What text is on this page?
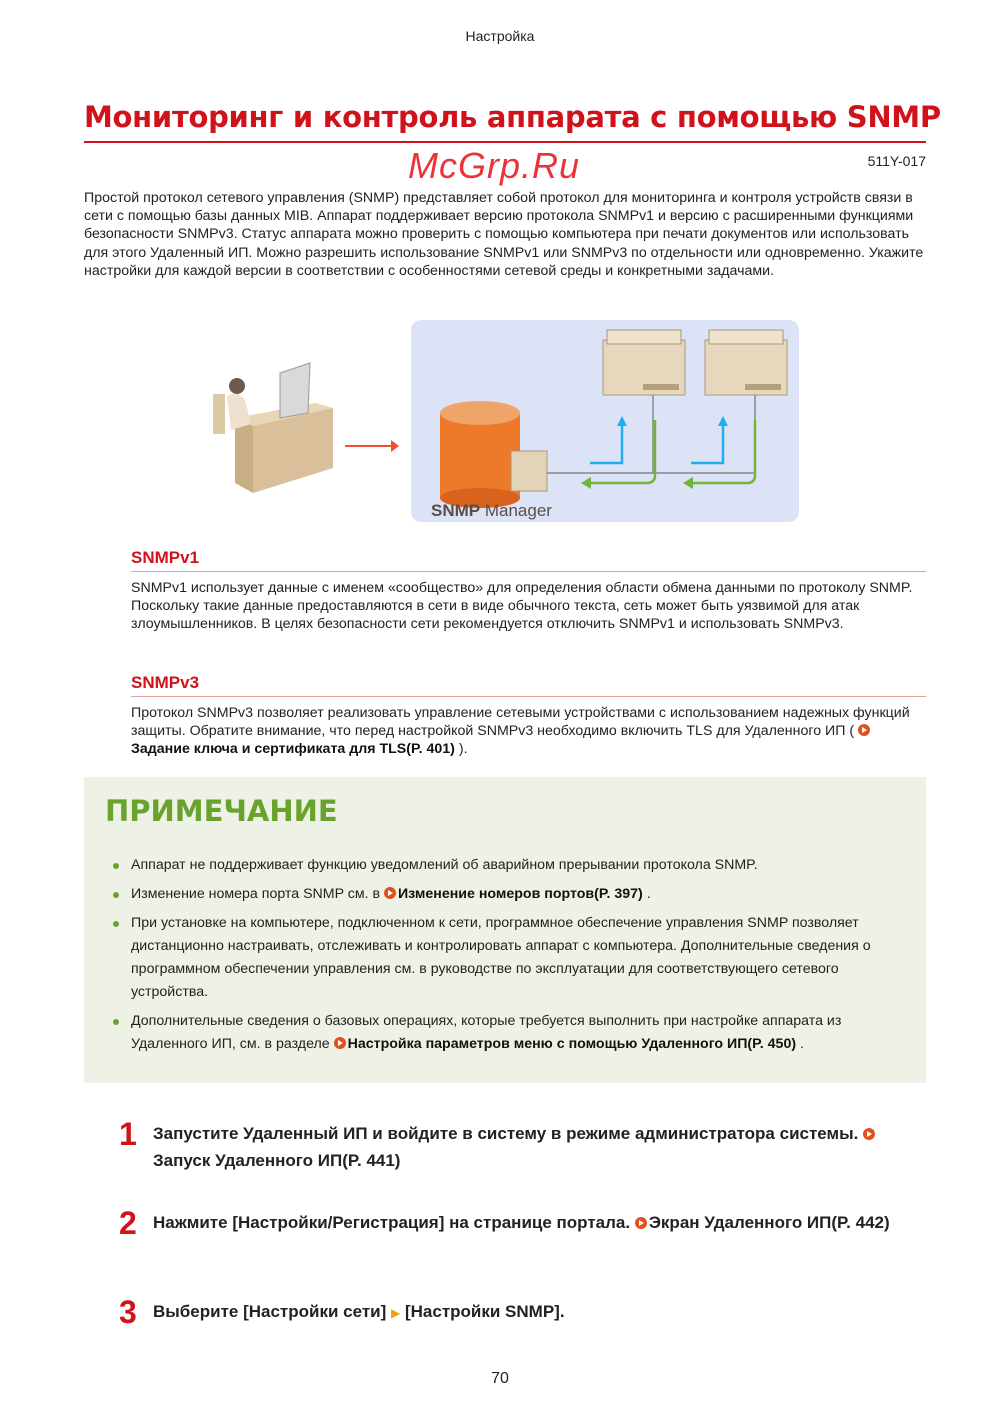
Настройка
Мониторинг и контроль аппарата с помощью SNMP
511Y-017
McGrp.Ru
Простой протокол сетевого управления (SNMP) представляет собой протокол для мониторинга и контроля устройств связи в сети с помощью базы данных MIB. Аппарат поддерживает версию протокола SNMPv1 и версию с расширенными функциями безопасности SNMPv3. Статус аппарата можно проверить с помощью компьютера при печати документов или использовать для этого Удаленный ИП. Можно разрешить использование SNMPv1 или SNMPv3 по отдельности или одновременно. Укажите настройки для каждой версии в соответствии с особенностями сетевой среды и конкретными задачами.
SNMP Manager
SNMPv1
SNMPv1 использует данные с именем «сообщество» для определения области обмена данными по протоколу SNMP. Поскольку такие данные предоставляются в сети в виде обычного текста, сеть может быть уязвимой для атак злоумышленников. В целях безопасности сети рекомендуется отключить SNMPv1 и использовать SNMPv3.
SNMPv3
Протокол SNMPv3 позволяет реализовать управление сетевыми устройствами с использованием надежных функций защиты. Обратите внимание, что перед настройкой SNMPv3 необходимо включить TLS для Удаленного ИП ( Задание ключа и сертификата для TLS(P. 401) ).
ПРИМЕЧАНИЕ
Аппарат не поддерживает функцию уведомлений об аварийном прерывании протокола SNMP.
Изменение номера порта SNMP см. в Изменение номеров портов(P. 397) .
При установке на компьютере, подключенном к сети, программное обеспечение управления SNMP позволяет дистанционно настраивать, отслеживать и контролировать аппарат с компьютера. Дополнительные сведения о программном обеспечении управления см. в руководстве по эксплуатации для соответствующего сетевого устройства.
Дополнительные сведения о базовых операциях, которые требуется выполнить при настройке аппарата из Удаленного ИП, см. в разделе Настройка параметров меню с помощью Удаленного ИП(P. 450) .
1 Запустите Удаленный ИП и войдите в систему в режиме администратора системы. Запуск Удаленного ИП(P. 441)
2 Нажмите [Настройки/Регистрация] на странице портала. Экран Удаленного ИП(P. 442)
3 Выберите [Настройки сети] ▶ [Настройки SNMP].
70
